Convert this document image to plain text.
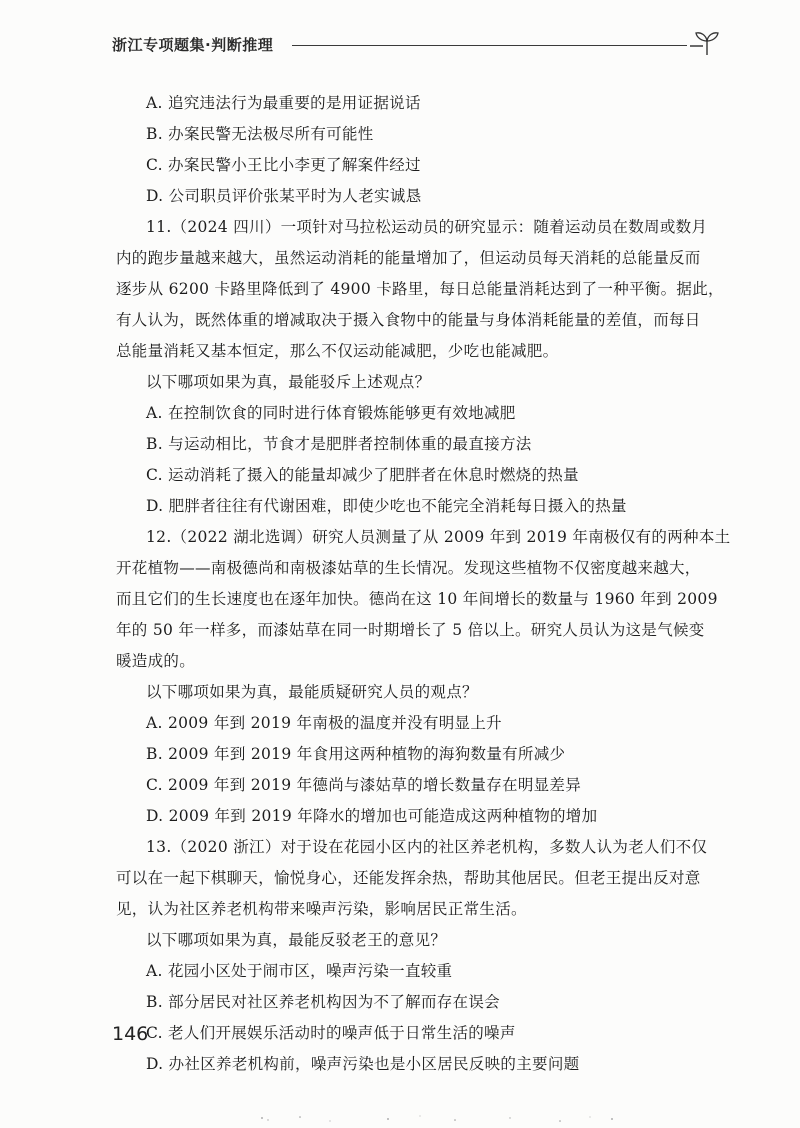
浙江专项题集·判断推理
A. 追究违法行为最重要的是用证据说话
B. 办案民警无法极尽所有可能性
C. 办案民警小王比小李更了解案件经过
D. 公司职员评价张某平时为人老实诚恳
11.（2024 四川）一项针对马拉松运动员的研究显示：随着运动员在数周或数月
内的跑步量越来越大，虽然运动消耗的能量增加了，但运动员每天消耗的总能量反而
逐步从 6200 卡路里降低到了 4900 卡路里，每日总能量消耗达到了一种平衡。据此，
有人认为，既然体重的增减取决于摄入食物中的能量与身体消耗能量的差值，而每日
总能量消耗又基本恒定，那么不仅运动能减肥，少吃也能减肥。
以下哪项如果为真，最能驳斥上述观点？
A. 在控制饮食的同时进行体育锻炼能够更有效地减肥
B. 与运动相比，节食才是肥胖者控制体重的最直接方法
C. 运动消耗了摄入的能量却减少了肥胖者在休息时燃烧的热量
D. 肥胖者往往有代谢困难，即使少吃也不能完全消耗每日摄入的热量
12.（2022 湖北选调）研究人员测量了从 2009 年到 2019 年南极仅有的两种本土
开花植物——南极德尚和南极漆姑草的生长情况。发现这些植物不仅密度越来越大，
而且它们的生长速度也在逐年加快。德尚在这 10 年间增长的数量与 1960 年到 2009
年的 50 年一样多，而漆姑草在同一时期增长了 5 倍以上。研究人员认为这是气候变
暖造成的。
以下哪项如果为真，最能质疑研究人员的观点？
A. 2009 年到 2019 年南极的温度并没有明显上升
B. 2009 年到 2019 年食用这两种植物的海狗数量有所减少
C. 2009 年到 2019 年德尚与漆姑草的增长数量存在明显差异
D. 2009 年到 2019 年降水的增加也可能造成这两种植物的增加
13.（2020 浙江）对于设在花园小区内的社区养老机构，多数人认为老人们不仅
可以在一起下棋聊天，愉悦身心，还能发挥余热，帮助其他居民。但老王提出反对意
见，认为社区养老机构带来噪声污染，影响居民正常生活。
以下哪项如果为真，最能反驳老王的意见？
A. 花园小区处于闹市区，噪声污染一直较重
B. 部分居民对社区养老机构因为不了解而存在误会
C. 老人们开展娱乐活动时的噪声低于日常生活的噪声
D. 办社区养老机构前，噪声污染也是小区居民反映的主要问题
146
